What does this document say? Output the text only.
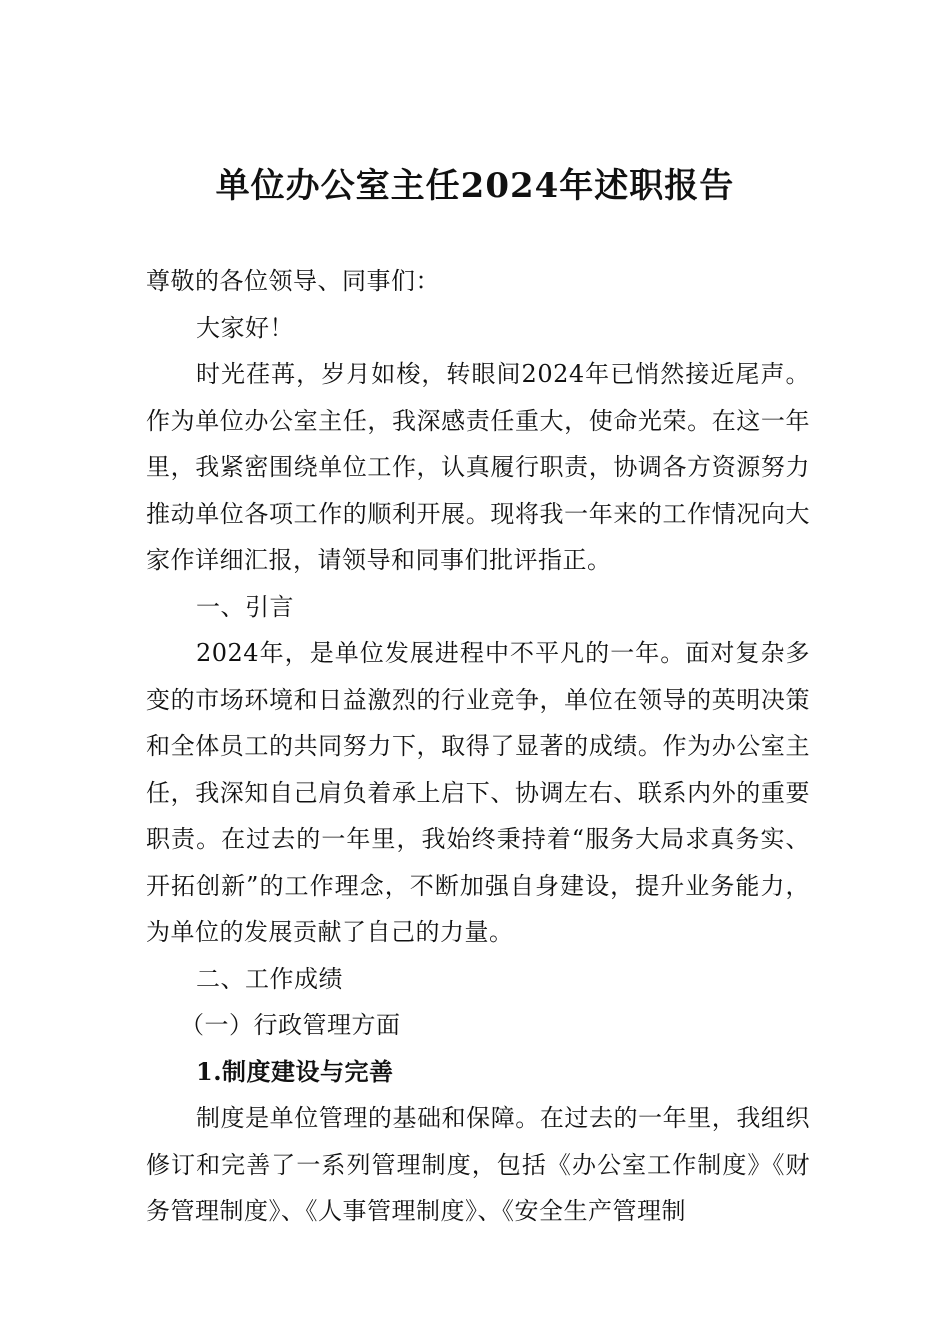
单位办公室主任2024年述职报告

尊敬的各位领导、同事们：

大家好！

时光荏苒，岁月如梭，转眼间2024年已悄然接近尾声。作为单位办公室主任，我深感责任重大，使命光荣。在这一年里，我紧密围绕单位工作，认真履行职责，协调各方资源努力推动单位各项工作的顺利开展。现将我一年来的工作情况向大家作详细汇报，请领导和同事们批评指正。

一、引言

2024年，是单位发展进程中不平凡的一年。面对复杂多变的市场环境和日益激烈的行业竞争，单位在领导的英明决策和全体员工的共同努力下，取得了显著的成绩。作为办公室主任，我深知自己肩负着承上启下、协调左右、联系内外的重要职责。在过去的一年里，我始终秉持着“服务大局求真务实、开拓创新”的工作理念，不断加强自身建设，提升业务能力，为单位的发展贡献了自己的力量。

二、工作成绩

（一）行政管理方面

1.制度建设与完善

制度是单位管理的基础和保障。在过去的一年里，我组织修订和完善了一系列管理制度，包括《办公室工作制度》《财务管理制度》、《人事管理制度》、《安全生产管理制
